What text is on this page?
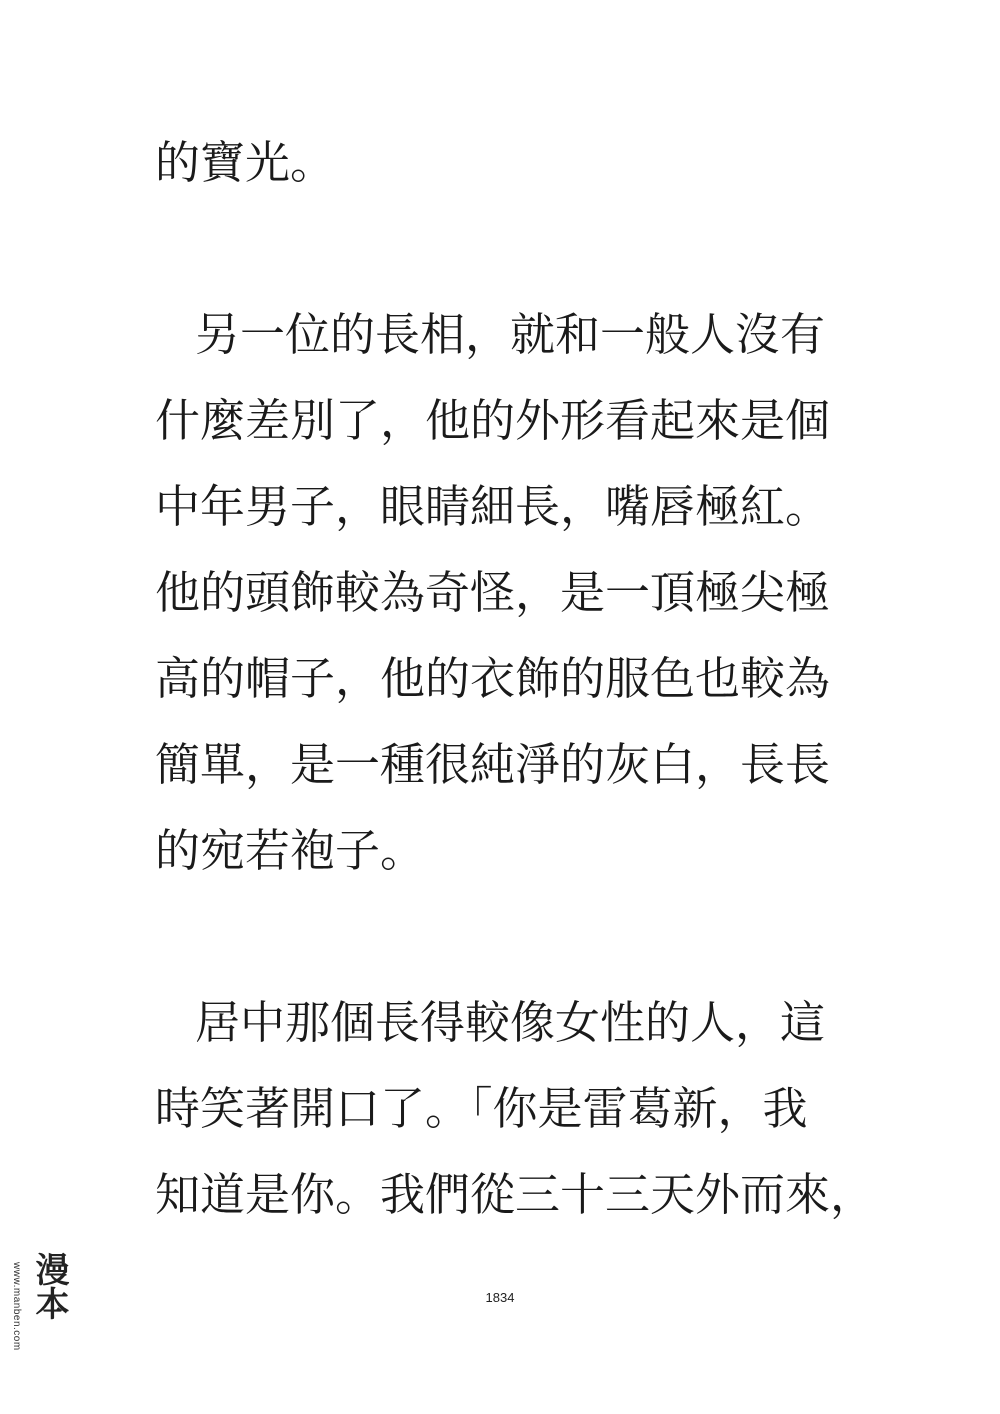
的寶光。
另一位的長相，就和一般人沒有
什麼差別了，他的外形看起來是個
中年男子，眼睛細長，嘴唇極紅。
他的頭飾較為奇怪，是一頂極尖極
高的帽子，他的衣飾的服色也較為
簡單，是一種很純淨的灰白，長長
的宛若袍子。
居中那個長得較像女性的人，這
時笑著開口了。「你是雷葛新，我
知道是你。我們從三十三天外而來，
1834
www.manben.com 漫本
